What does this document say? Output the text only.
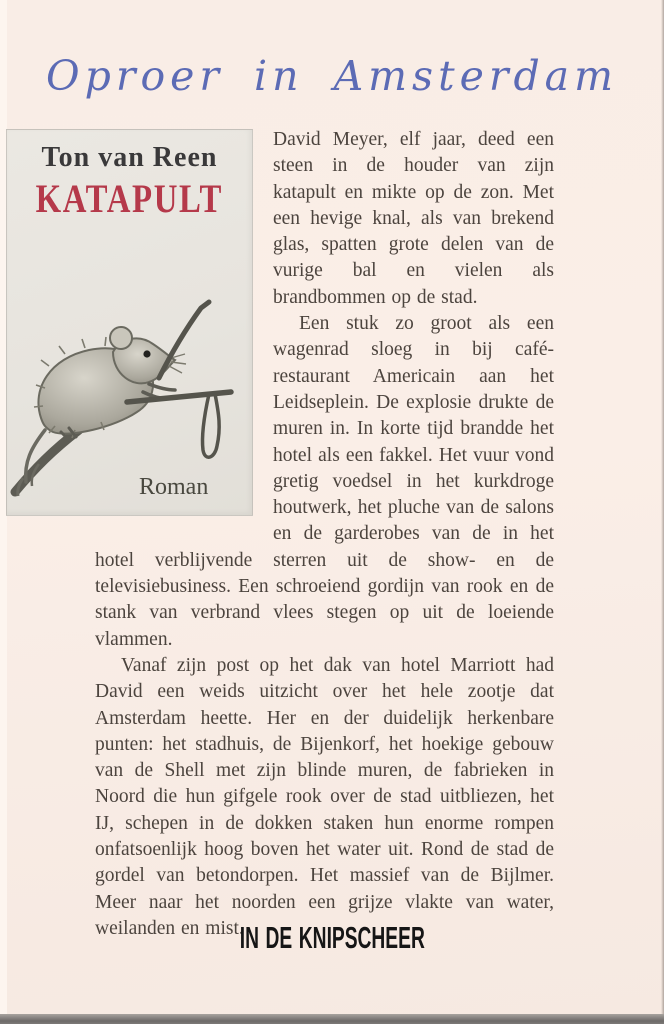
Oproer in Amsterdam
Ton van Reen
KATAPULT
Roman

David Meyer, elf jaar, deed een steen in de houder van zijn katapult en mikte op de zon. Met een hevige knal, als van brekend glas, spatten grote delen van de vurige bal en vielen als brandbommen op de stad.

Een stuk zo groot als een wagenrad sloeg in bij café-restaurant Americain aan het Leidseplein. De explosie drukte de muren in. In korte tijd brandde het hotel als een fakkel. Het vuur vond gretig voedsel in het kurkdroge houtwerk, het pluche van de salons en de garderobes van de in het hotel verblijvende sterren uit de show- en de televisiebusiness. Een schroeiend gordijn van rook en de stank van verbrand vlees stegen op uit de loeiende vlammen.

Vanaf zijn post op het dak van hotel Marriott had David een weids uitzicht over het hele zootje dat Amsterdam heette. Her en der duidelijk herkenbare punten: het stadhuis, de Bijenkorf, het hoekige gebouw van de Shell met zijn blinde muren, de fabrieken in Noord die hun gifgele rook over de stad uitbliezen, het IJ, schepen in de dokken staken hun enorme rompen onfatsoenlijk hoog boven het water uit. Rond de stad de gordel van betondorpen. Het massief van de Bijlmer. Meer naar het noorden een grijze vlakte van water, weilanden en mist.

IN DE KNIPSCHEER
